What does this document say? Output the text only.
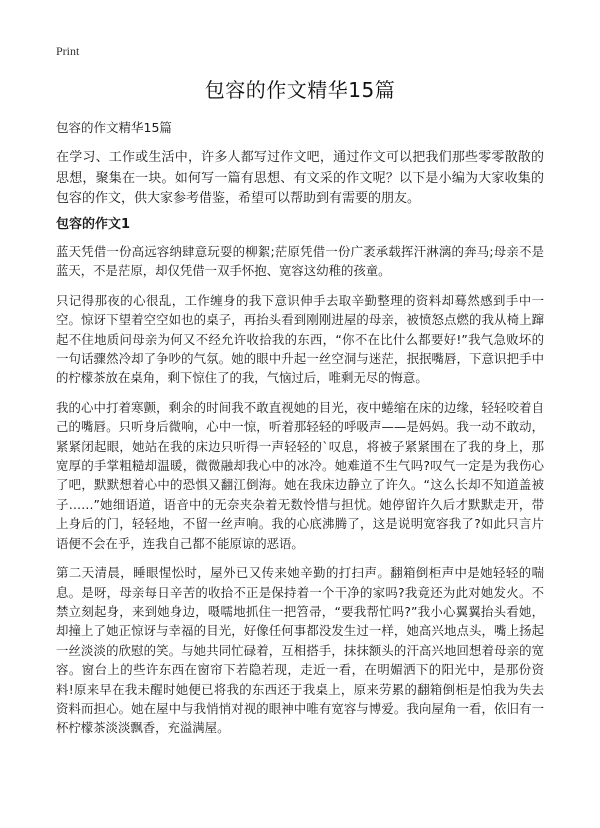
Print
包容的作文精华15篇

包容的作文精华15篇

在学习、工作或生活中，许多人都写过作文吧，通过作文可以把我们那些零零散散的思想，聚集在一块。如何写一篇有思想、有文采的作文呢？以下是小编为大家收集的包容的作文，供大家参考借鉴，希望可以帮助到有需要的朋友。

包容的作文1

蓝天凭借一份高远容纳肆意玩耍的柳絮;茫原凭借一份广袤承载挥汗淋漓的奔马;母亲不是蓝天，不是茫原，却仅凭借一双手怀抱、宽容这幼稚的孩童。

只记得那夜的心很乱，工作缠身的我下意识伸手去取辛勤整理的资料却蓦然感到手中一空。惊讶下望着空空如也的桌子，再抬头看到刚刚进屋的母亲，被愤怒点燃的我从椅上蹿起不住地质问母亲为何又不经允许收拾我的东西，“你不在比什么都要好!”我气急败坏的一句话骤然冷却了争吵的气氛。她的眼中升起一丝空洞与迷茫，抿抿嘴唇，下意识把手中的柠檬茶放在桌角，剩下惊住了的我，气恼过后，唯剩无尽的悔意。

我的心中打着寒颤，剩余的时间我不敢直视她的目光，夜中蜷缩在床的边缘，轻轻咬着自己的嘴唇。只听身后微响，心中一惊，听着那轻轻的呼吸声——是妈妈。我一动不敢动，紧紧闭起眼，她站在我的床边只听得一声轻轻的`叹息，将被子紧紧围在了我的身上，那宽厚的手掌粗糙却温暖，微微融却我心中的冰冷。她难道不生气吗?叹气一定是为我伤心了吧，默默想着心中的恐惧又翻江倒海。她在我床边静立了许久。“这么长却不知道盖被子……”她细语道，语音中的无奈夹杂着无数怜惜与担忧。她停留许久后才默默走开，带上身后的门，轻轻地，不留一丝声响。我的心底沸腾了，这是说明宽容我了?如此只言片语便不会在乎，连我自己都不能原谅的恶语。

第二天清晨，睡眼惺忪时，屋外已又传来她辛勤的打扫声。翻箱倒柜声中是她轻轻的喘息。是呀，母亲每日辛苦的收拾不正是保持着一个干净的家吗?我竟还为此对她发火。不禁立刻起身，来到她身边，嗫嚅地抓住一把笤帚，“要我帮忙吗?”我小心翼翼抬头看她，却撞上了她正惊讶与幸福的目光，好像任何事都没发生过一样，她高兴地点头，嘴上扬起一丝淡淡的欣慰的笑。与她共同忙碌着，互相搭手，抹抹额头的汗高兴地回想着母亲的宽容。窗台上的些许东西在窗帘下若隐若现，走近一看，在明媚洒下的阳光中，是那份资料!原来早在我未醒时她便已将我的东西还于我桌上，原来劳累的翻箱倒柜是怕我为失去资料而担心。她在屋中与我悄悄对视的眼神中唯有宽容与博爱。我向屋角一看，依旧有一杯柠檬茶淡淡飘香，充溢满屋。
